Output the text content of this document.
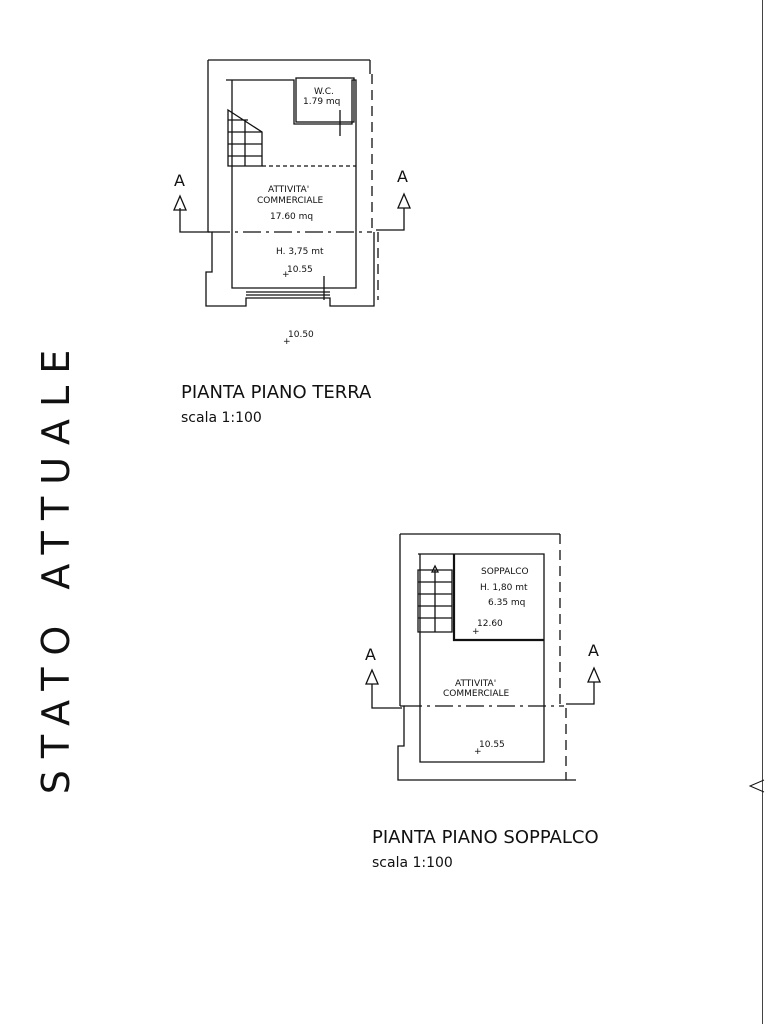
STATO ATTUALE
A	A
W.C.
1.79 mq
ATTIVITA'
COMMERCIALE
17.60 mq
H. 3,75 mt
+
10.55
+
10.50
PIANTA PIANO TERRA
scala 1:100
A	A
SOPPALCO
H. 1,80 mt
6.35 mq
+
12.60
ATTIVITA'
COMMERCIALE
+
10.55
PIANTA PIANO SOPPALCO
scala 1:100
